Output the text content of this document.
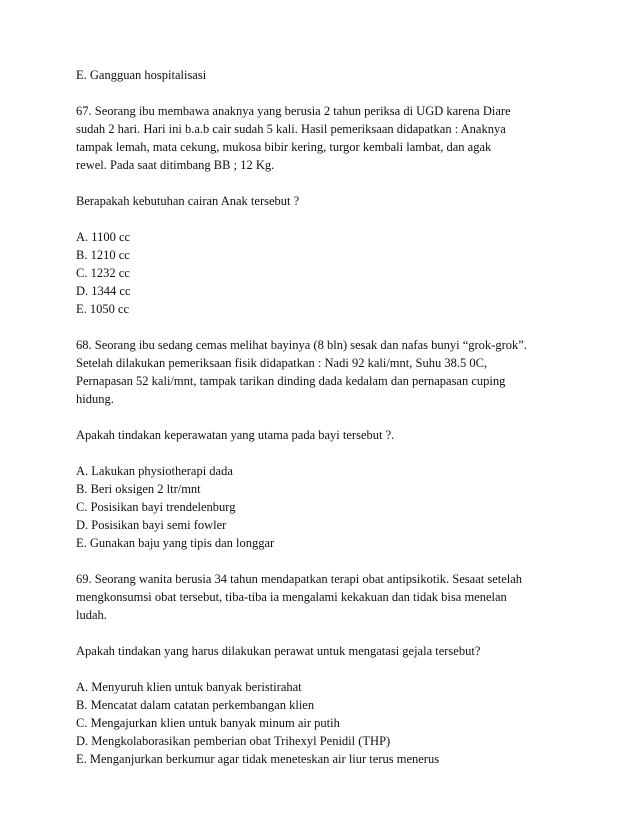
E. Gangguan hospitalisasi
67. Seorang ibu membawa anaknya yang berusia 2 tahun periksa di UGD karena Diare
sudah 2 hari. Hari ini b.a.b cair sudah 5 kali. Hasil pemeriksaan didapatkan : Anaknya
tampak lemah, mata cekung, mukosa bibir kering, turgor kembali lambat, dan agak
rewel. Pada saat ditimbang BB ; 12 Kg.
Berapakah kebutuhan cairan Anak tersebut ?
A. 1100 cc
B. 1210 cc
C. 1232 cc
D. 1344 cc
E. 1050 cc
68. Seorang ibu sedang cemas melihat bayinya (8 bln) sesak dan nafas bunyi “grok-grok”.
Setelah dilakukan pemeriksaan fisik didapatkan : Nadi 92 kali/mnt, Suhu 38.5 0C,
Pernapasan 52 kali/mnt, tampak tarikan dinding dada kedalam dan pernapasan cuping
hidung.
Apakah tindakan keperawatan yang utama pada bayi tersebut ?.
A. Lakukan physiotherapi dada
B. Beri oksigen 2 ltr/mnt
C. Posisikan bayi trendelenburg
D. Posisikan bayi semi fowler
E. Gunakan baju yang tipis dan longgar
69. Seorang wanita berusia 34 tahun mendapatkan terapi obat antipsikotik. Sesaat setelah
mengkonsumsi obat tersebut, tiba-tiba ia mengalami kekakuan dan tidak bisa menelan
ludah.
Apakah tindakan yang harus dilakukan perawat untuk mengatasi gejala tersebut?
A. Menyuruh klien untuk banyak beristirahat
B. Mencatat dalam catatan perkembangan klien
C. Mengajurkan klien untuk banyak minum air putih
D. Mengkolaborasikan pemberian obat Trihexyl Penidil (THP)
E. Menganjurkan berkumur agar tidak meneteskan air liur terus menerus
